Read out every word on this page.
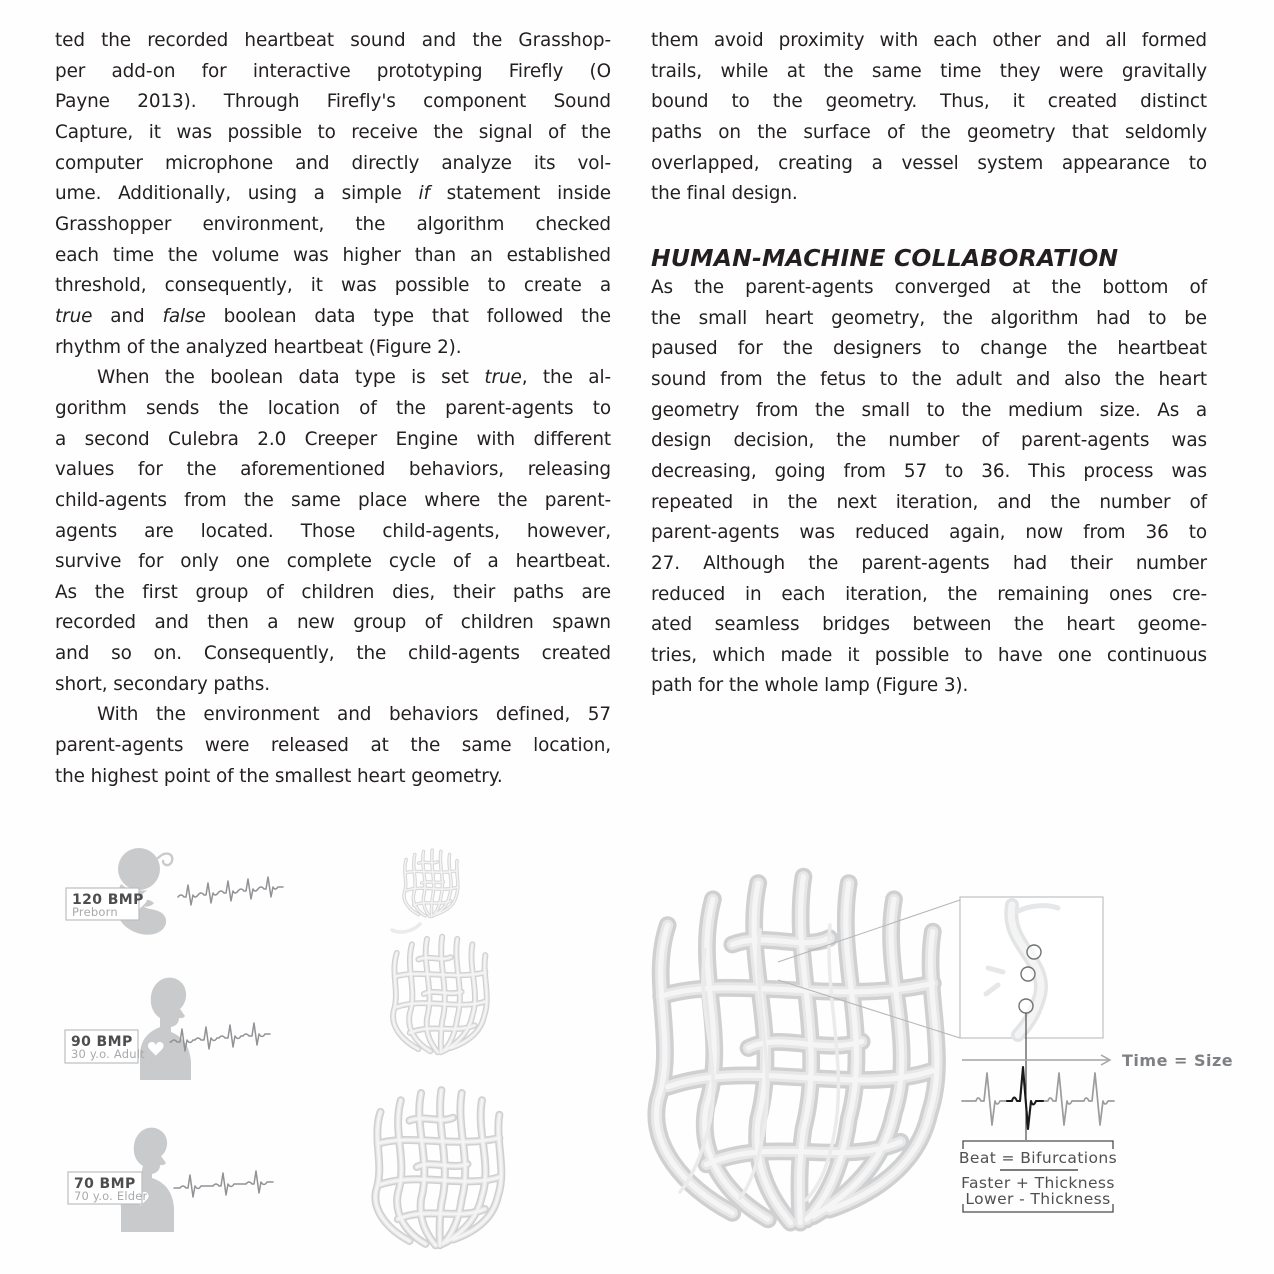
ted the recorded heartbeat sound and the Grasshop-
per add-on for interactive prototyping Firefly (O
Payne 2013). Through Firefly's component Sound
Capture, it was possible to receive the signal of the
computer microphone and directly analyze its vol-
ume. Additionally, using a simple if statement inside
Grasshopper environment, the algorithm checked
each time the volume was higher than an established
threshold, consequently, it was possible to create a
true and false boolean data type that followed the
rhythm of the analyzed heartbeat (Figure 2).
When the boolean data type is set true, the al-
gorithm sends the location of the parent-agents to
a second Culebra 2.0 Creeper Engine with different
values for the aforementioned behaviors, releasing
child-agents from the same place where the parent-
agents are located. Those child-agents, however,
survive for only one complete cycle of a heartbeat.
As the first group of children dies, their paths are
recorded and then a new group of children spawn
and so on. Consequently, the child-agents created
short, secondary paths.
With the environment and behaviors defined, 57
parent-agents were released at the same location,
the highest point of the smallest heart geometry.
them avoid proximity with each other and all formed
trails, while at the same time they were gravitally
bound to the geometry. Thus, it created distinct
paths on the surface of the geometry that seldomly
overlapped, creating a vessel system appearance to
the final design.
HUMAN-MACHINE COLLABORATION
As the parent-agents converged at the bottom of
the small heart geometry, the algorithm had to be
paused for the designers to change the heartbeat
sound from the fetus to the adult and also the heart
geometry from the small to the medium size. As a
design decision, the number of parent-agents was
decreasing, going from 57 to 36. This process was
repeated in the next iteration, and the number of
parent-agents was reduced again, now from 36 to
27. Although the parent-agents had their number
reduced in each iteration, the remaining ones cre-
ated seamless bridges between the heart geome-
tries, which made it possible to have one continuous
path for the whole lamp (Figure 3).
120 BMP
Preborn
90 BMP
30 y.o. Adult
70 BMP
70 y.o. Elder
Time = Size
Beat = Bifurcations
Faster + Thickness
Lower - Thickness
